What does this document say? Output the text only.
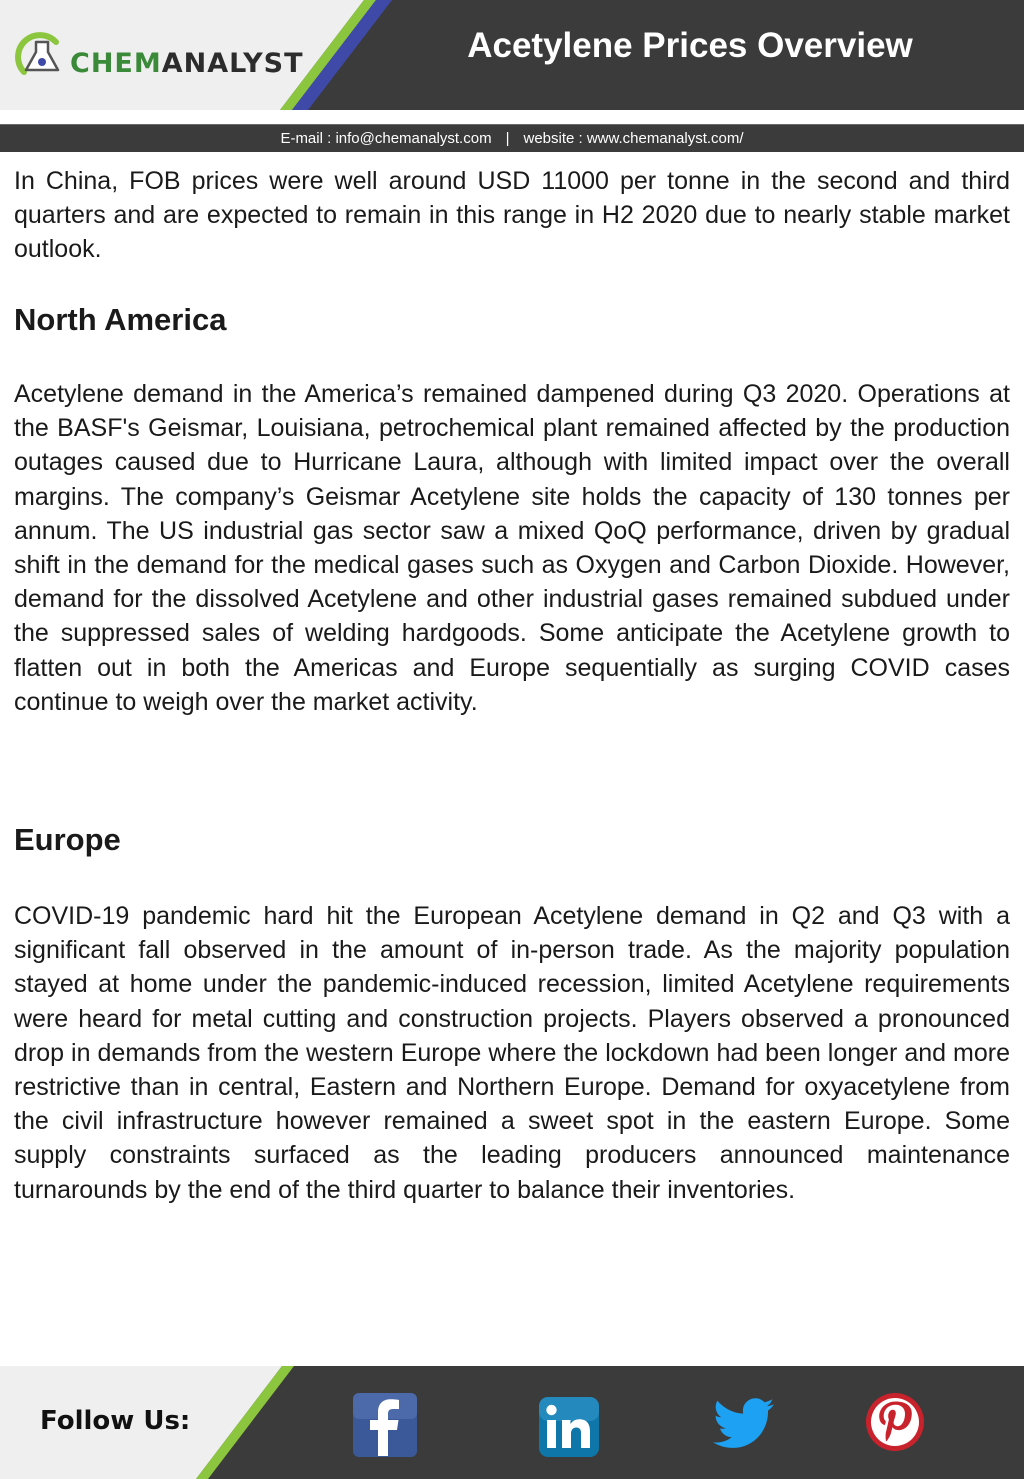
CHEMANALYST	Acetylene Prices Overview
E-mail : info@chemanalyst.com | website : www.chemanalyst.com/

In China, FOB prices were well around USD 11000 per tonne in the second and third quarters and are expected to remain in this range in H2 2020 due to nearly stable market outlook.

North America

Acetylene demand in the America’s remained dampened during Q3 2020. Operations at the BASF's Geismar, Louisiana, petrochemical plant remained affected by the production outages caused due to Hurricane Laura, although with limited impact over the overall margins. The company’s Geismar Acetylene site holds the capacity of 130 tonnes per annum. The US industrial gas sector saw a mixed QoQ performance, driven by gradual shift in the demand for the medical gases such as Oxygen and Carbon Dioxide. However, demand for the dissolved Acetylene and other industrial gases remained subdued under the suppressed sales of welding hardgoods. Some anticipate the Acetylene growth to flatten out in both the Americas and Europe sequentially as surging COVID cases continue to weigh over the market activity.

Europe

COVID-19 pandemic hard hit the European Acetylene demand in Q2 and Q3 with a significant fall observed in the amount of in-person trade. As the majority population stayed at home under the pandemic-induced recession, limited Acetylene requirements were heard for metal cutting and construction projects. Players observed a pronounced drop in demands from the western Europe where the lockdown had been longer and more restrictive than in central, Eastern and Northern Europe. Demand for oxyacetylene from the civil infrastructure however remained a sweet spot in the eastern Europe. Some supply constraints surfaced as the leading producers announced maintenance turnarounds by the end of the third quarter to balance their inventories.

Follow Us:
